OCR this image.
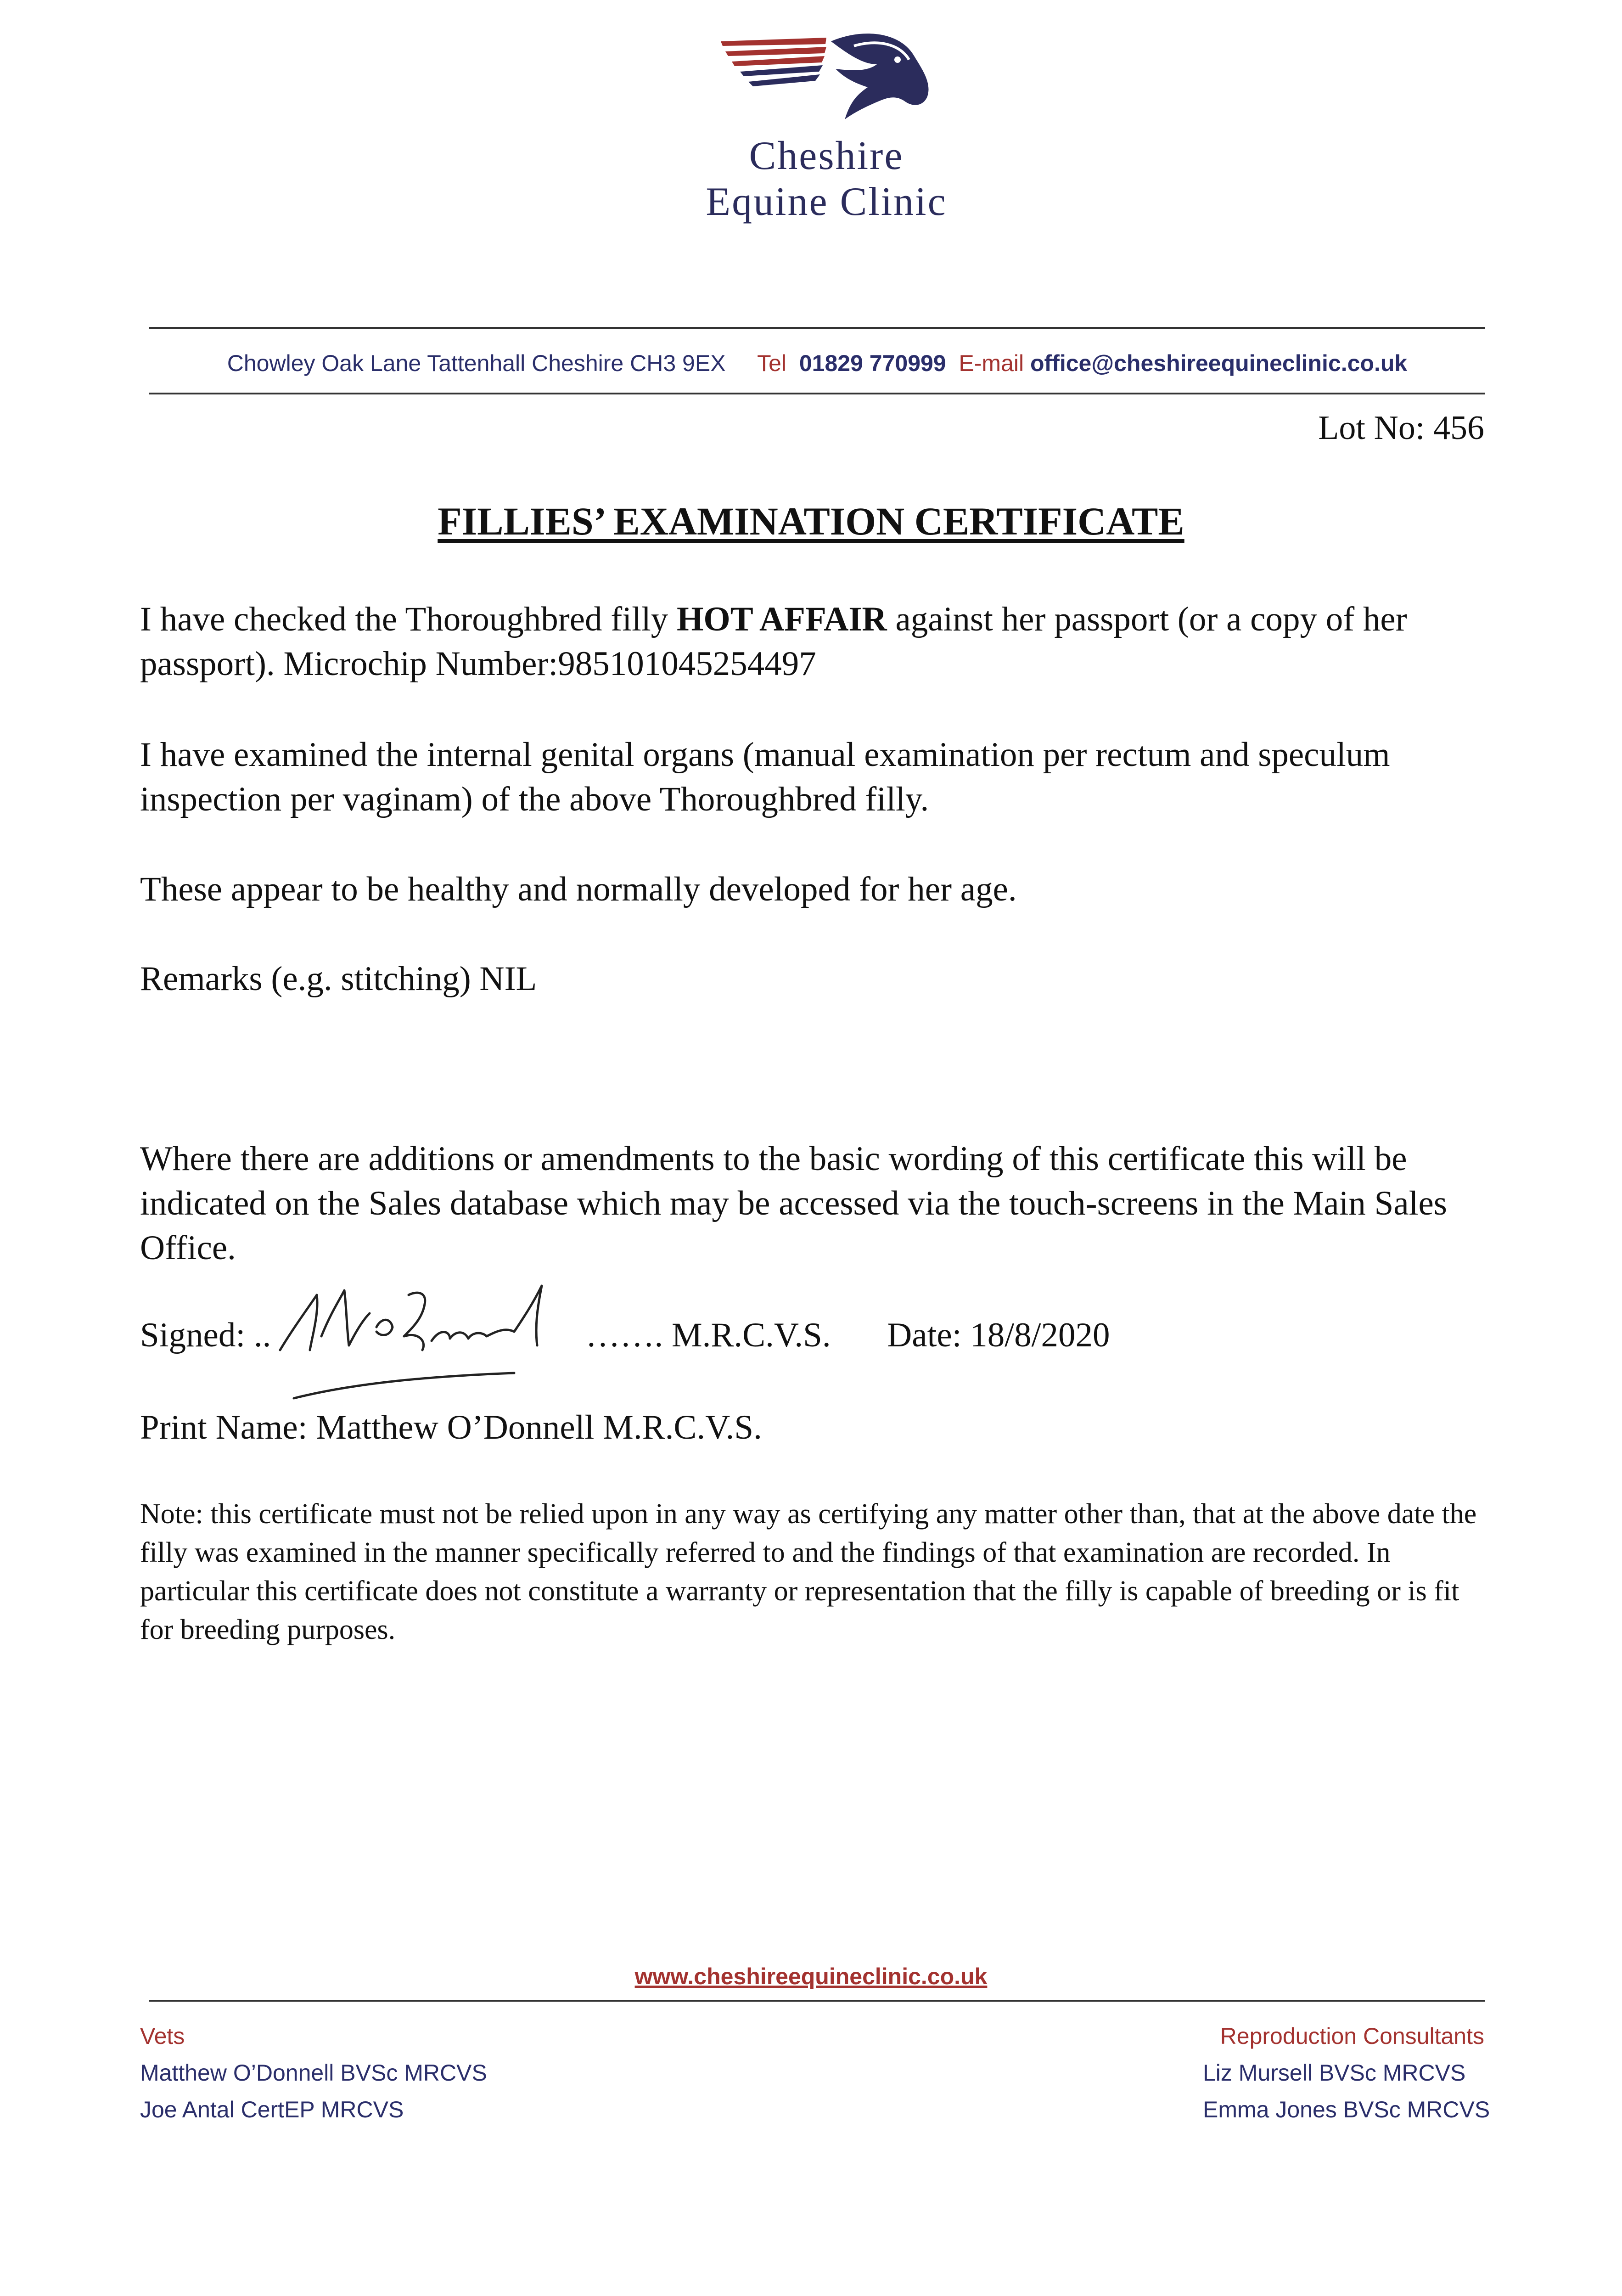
Cheshire
Equine Clinic
Chowley Oak Lane Tattenhall Cheshire CH3 9EX Tel 01829 770999 E-mail office@cheshireequineclinic.co.uk
Lot No: 456
FILLIES’ EXAMINATION CERTIFICATE
I have checked the Thoroughbred filly HOT AFFAIR against her passport (or a copy of her passport). Microchip Number:985101045254497
I have examined the internal genital organs (manual examination per rectum and speculum inspection per vaginam) of the above Thoroughbred filly.
These appear to be healthy and normally developed for her age.
Remarks (e.g. stitching) NIL
Where there are additions or amendments to the basic wording of this certificate this will be indicated on the Sales database which may be accessed via the touch-screens in the Main Sales Office.
Signed: ..	……. M.R.C.V.S. Date: 18/8/2020
Print Name: Matthew O’Donnell M.R.C.V.S.
Note: this certificate must not be relied upon in any way as certifying any matter other than, that at the above date the filly was examined in the manner specifically referred to and the findings of that examination are recorded. In particular this certificate does not constitute a warranty or representation that the filly is capable of breeding or is fit for breeding purposes.
www.cheshireequineclinic.co.uk
Vets
Matthew O’Donnell BVSc MRCVS
Joe Antal CertEP MRCVS
Reproduction Consultants
Liz Mursell BVSc MRCVS
Emma Jones BVSc MRCVS
